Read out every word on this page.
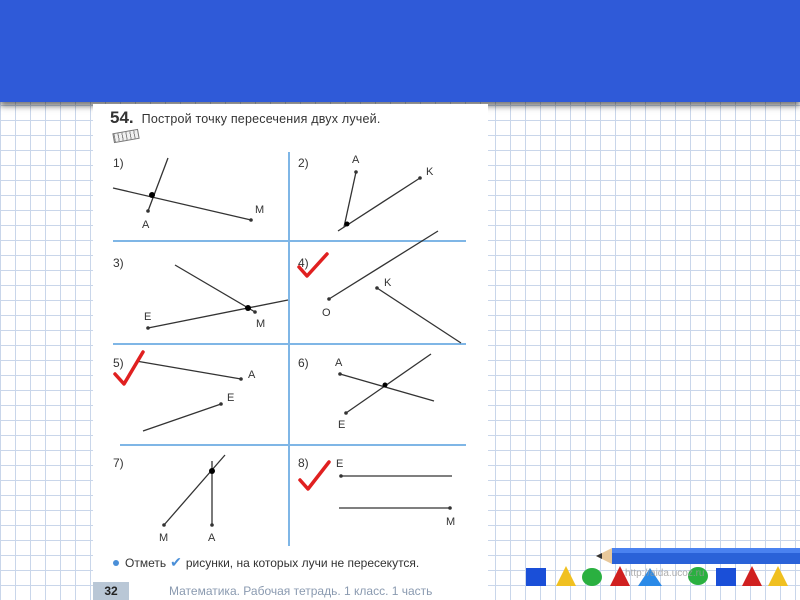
54. Построй точку пересечения двух лучей.
1)	2)
3)	4)
5)	6)
7)	8)
A
M
A
K
E
M
O
K
A
E
A
E
M	A
E
M
Отметь ✔ рисунки, на которых лучи не пересекутся.
32	Математика. Рабочая тетрадь. 1 класс. 1 часть
http://aida.ucoz.ru
